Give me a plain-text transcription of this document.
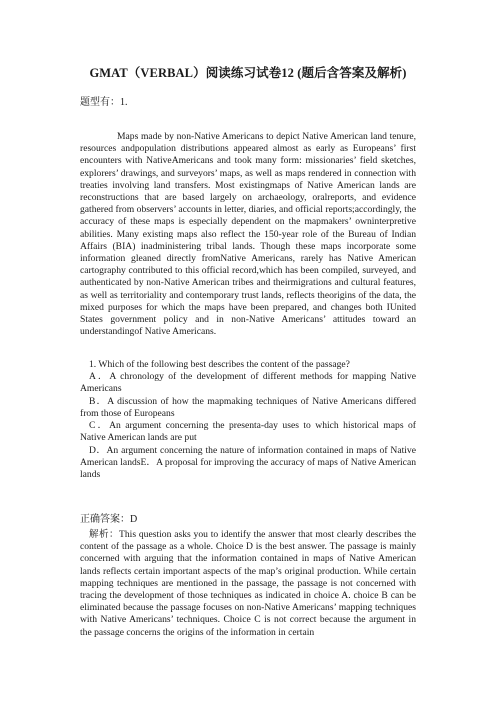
GMAT（VERBAL）阅读练习试卷12 (题后含答案及解析)
题型有：1.

Maps made by non-Native Americans to depict Native American land tenure, resources andpopulation distributions appeared almost as early as Europeans’ first encounters with NativeAmericans and took many form: missionaries’ field sketches, explorers’ drawings, and surveyors’ maps, as well as maps rendered in connection with treaties involving land transfers. Most existingmaps of Native American lands are reconstructions that are based largely on archaeology, oralreports, and evidence gathered from observers’ accounts in letter, diaries, and official reports;accordingly, the accuracy of these maps is especially dependent on the mapmakers’ owninterpretive abilities. Many existing maps also reflect the 150-year role of the Bureau of Indian Affairs (BIA) inadministering tribal lands. Though these maps incorporate some information gleaned directly fromNative Americans, rarely has Native American cartography contributed to this official record,which has been compiled, surveyed, and authenticated by non-Native American tribes and theirmigrations and cultural features, as well as territoriality and contemporary trust lands, reflects theorigins of the data, the mixed purposes for which the maps have been prepared, and changes both IUnited States government policy and in non-Native Americans’ attitudes toward an understandingof Native Americans.

1. Which of the following best describes the content of the passage?

A．A chronology of the development of different methods for mapping Native Americans

B．A discussion of how the mapmaking techniques of Native Americans differed from those of Europeans

C．An argument concerning the presenta-day uses to which historical maps of Native American lands are put

D．An argument concerning the nature of information contained in maps of Native American landsE．A proposal for improving the accuracy of maps of Native American lands

正确答案：D

解析：This question asks you to identify the answer that most clearly describes the content of the passage as a whole. Choice D is the best answer. The passage is mainly concerned with arguing that the information contained in maps of Native American lands reflects certain important aspects of the map’s original production. While certain mapping techniques are mentioned in the passage, the passage is not concerned with tracing the development of those techniques as indicated in choice A. choice B can be eliminated because the passage focuses on non-Native Americans’ mapping techniques with Native Americans’ techniques. Choice C is not correct because the argument in the passage concerns the origins of the information in certain
